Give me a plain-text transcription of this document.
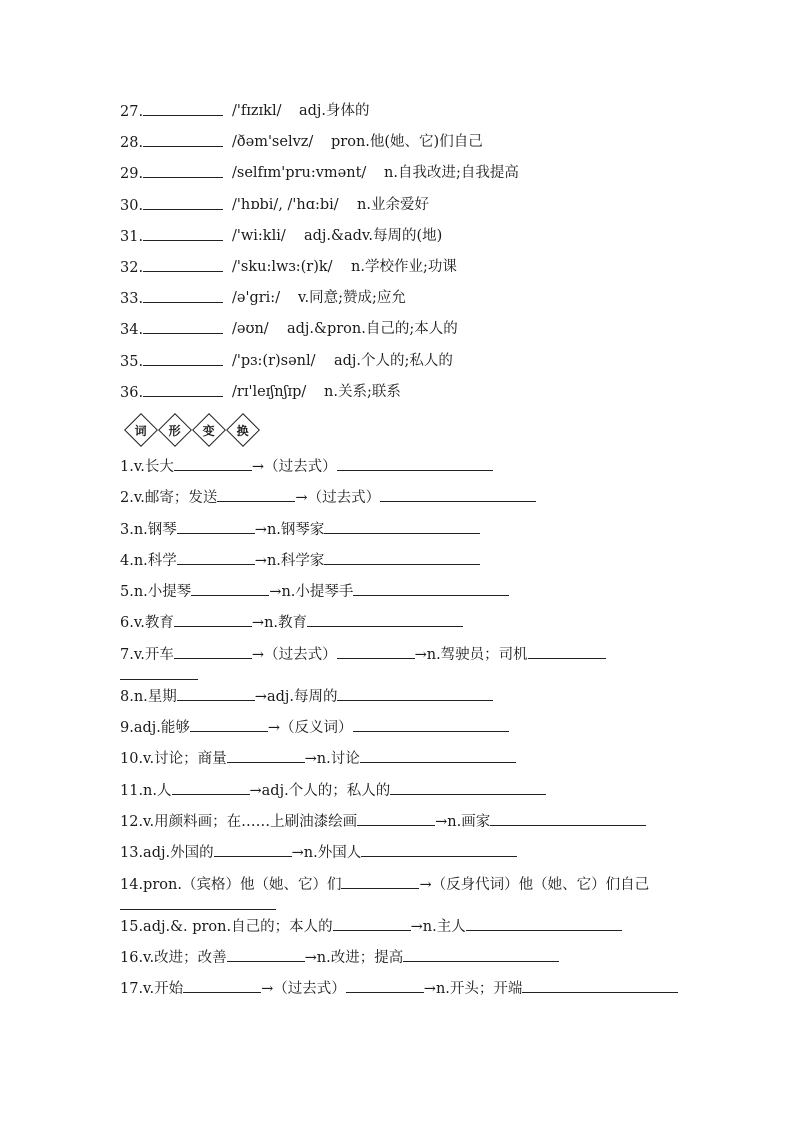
27.	/'fɪzɪkl/ adj.身体的
28.	/ðəm'selvz/ pron.他(她、它)们自己
29.	/selfɪm'pru:vmənt/ n.自我改进;自我提高
30.	/'hɒbi/, /'hɑ:bi/ n.业余爱好
31.	/'wi:kli/ adj.&adv.每周的(地)
32.	/'sku:lwɜ:(r)k/ n.学校作业;功课
33.	/ə'gri:/ v.同意;赞成;应允
34.	/əʊn/ adj.&pron.自己的;本人的
35.	/'pɜ:(r)sənl/ adj.个人的;私人的
36.	/rɪ'leɪʃnʃɪp/ n.关系;联系
词 形 变 换
1.v.长大	→（过去式）
2.v.邮寄；发送	→（过去式）
3.n.钢琴	→n.钢琴家
4.n.科学	→n.科学家
5.n.小提琴	→n.小提琴手
6.v.教育	→n.教育
7.v.开车	→（过去式）	→n.驾驶员；司机
8.n.星期	→adj.每周的
9.adj.能够	→（反义词）
10.v.讨论；商量	→n.讨论
11.n.人	→adj.个人的；私人的
12.v.用颜料画；在……上刷油漆绘画	→n.画家
13.adj.外国的	→n.外国人
14.pron.（宾格）他（她、它）们	→（反身代词）他（她、它）们自己
15.adj.&. pron.自己的；本人的	→n.主人
16.v.改进；改善	→n.改进；提高
17.v.开始	→（过去式）	→n.开头；开端
